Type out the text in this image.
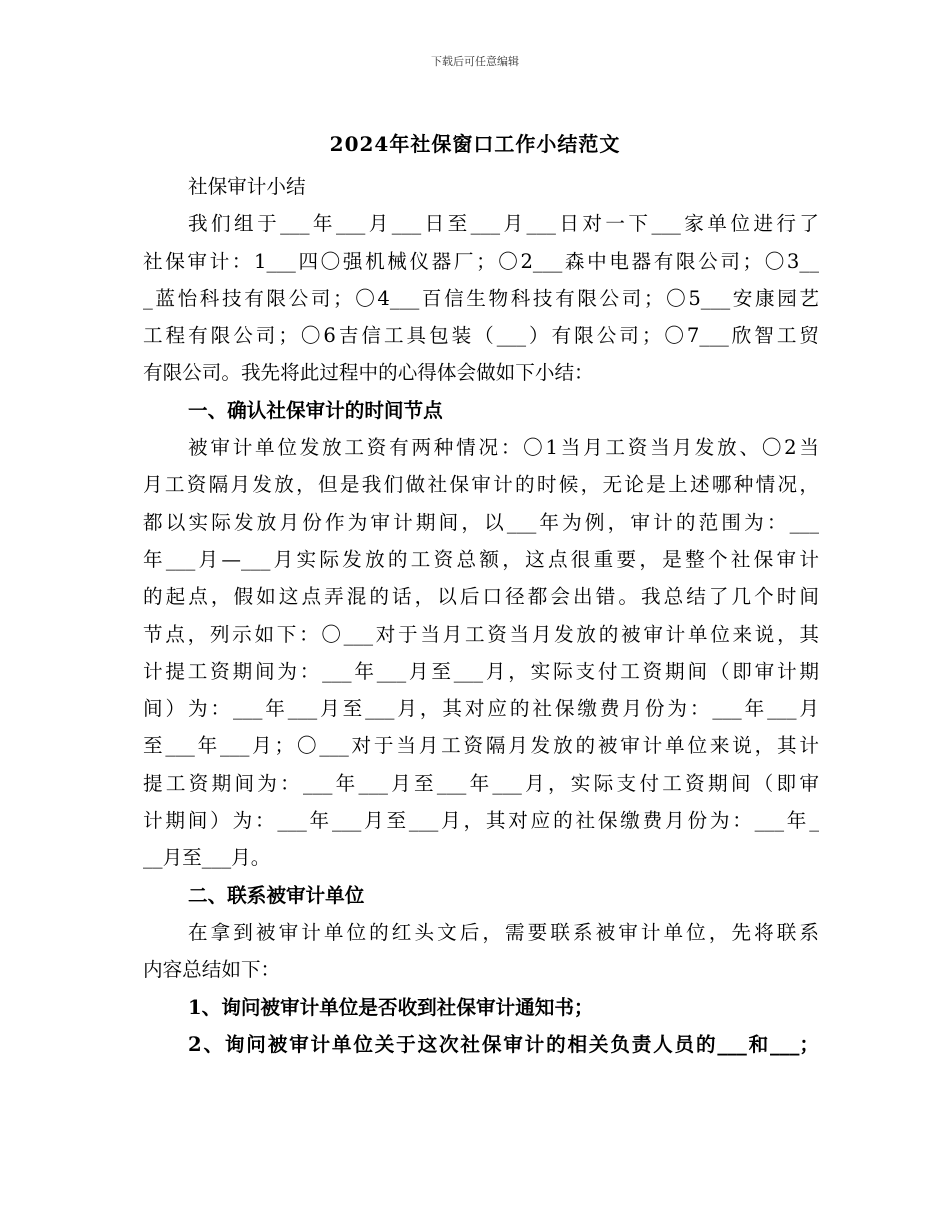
下载后可任意编辑
2024年社保窗口工作小结范文
社保审计小结
我们组于___年___月___日至___月___日对一下___家单位进行了
社保审计：1___四〇强机械仪器厂；〇2___森中电器有限公司；〇3__
_蓝怡科技有限公司；〇4___百信生物科技有限公司；〇5___安康园艺
工程有限公司；〇6吉信工具包装（___）有限公司；〇7___欣智工贸
有限公司。我先将此过程中的心得体会做如下小结：
一、确认社保审计的时间节点
被审计单位发放工资有两种情况：〇1当月工资当月发放、〇2当
月工资隔月发放，但是我们做社保审计的时候，无论是上述哪种情况，
都以实际发放月份作为审计期间，以___年为例，审计的范围为：___
年___月—___月实际发放的工资总额，这点很重要，是整个社保审计
的起点，假如这点弄混的话，以后口径都会出错。我总结了几个时间
节点，列示如下：〇___对于当月工资当月发放的被审计单位来说，其
计提工资期间为：___年___月至___月，实际支付工资期间（即审计期
间）为：___年___月至___月，其对应的社保缴费月份为：___年___月
至___年___月；〇___对于当月工资隔月发放的被审计单位来说，其计
提工资期间为：___年___月至___年___月，实际支付工资期间（即审
计期间）为：___年___月至___月，其对应的社保缴费月份为：___年_
__月至___月。
二、联系被审计单位
在拿到被审计单位的红头文后，需要联系被审计单位，先将联系
内容总结如下：
1、询问被审计单位是否收到社保审计通知书；
2、询问被审计单位关于这次社保审计的相关负责人员的___和___；
